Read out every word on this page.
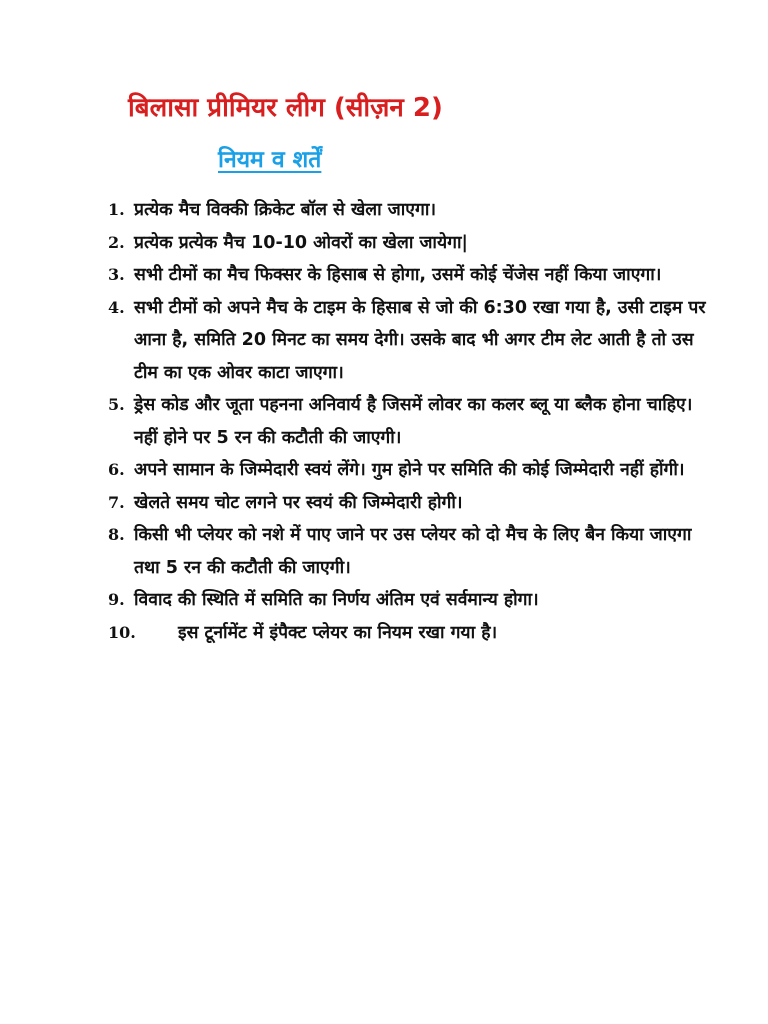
बिलासा प्रीमियर लीग (सीज़न 2)
नियम व शर्तें
1. प्रत्येक मैच विक्की क्रिकेट बॉल से खेला जाएगा।
2. प्रत्येक प्रत्येक मैच 10-10 ओवरों का खेला जायेगा|
3. सभी टीमों का मैच फिक्सर के हिसाब से होगा, उसमें कोई चेंजेस नहीं किया जाएगा।
4. सभी टीमों को अपने मैच के टाइम के हिसाब से जो की 6:30 रखा गया है, उसी टाइम पर आना है, समिति 20 मिनट का समय देगी। उसके बाद भी अगर टीम लेट आती है तो उस टीम का एक ओवर काटा जाएगा।
5. ड्रेस कोड और जूता पहनना अनिवार्य है जिसमें लोवर का कलर ब्लू या ब्लैक होना चाहिए। नहीं होने पर 5 रन की कटौती की जाएगी।
6. अपने सामान के जिम्मेदारी स्वयं लेंगे। गुम होने पर समिति की कोई जिम्मेदारी नहीं होंगी।
7. खेलते समय चोट लगने पर स्वयं की जिम्मेदारी होगी।
8. किसी भी प्लेयर को नशे में पाए जाने पर उस प्लेयर को दो मैच के लिए बैन किया जाएगा तथा 5 रन की कटौती की जाएगी।
9. विवाद की स्थिति में समिति का निर्णय अंतिम एवं सर्वमान्य होगा।
10.	इस टूर्नामेंट में इंपैक्ट प्लेयर का नियम रखा गया है।
